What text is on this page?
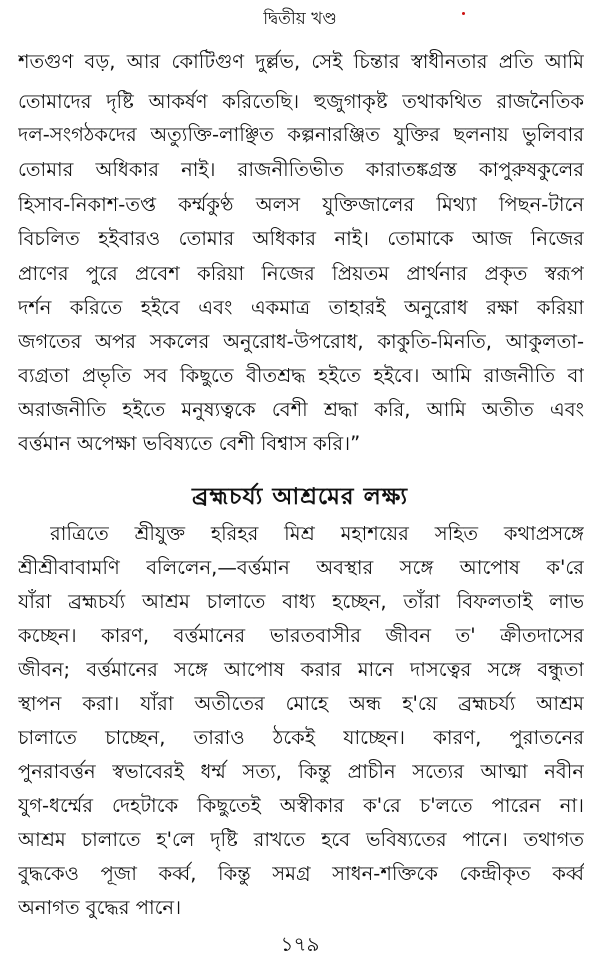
দ্বিতীয় খণ্ড
শতগুণ বড়, আর কোটিগুণ দুর্ল্লভ, সেই চিন্তার স্বাধীনতার প্রতি আমি
তোমাদের দৃষ্টি আকর্ষণ করিতেছি। হুজুগাকৃষ্ট তথাকথিত রাজনৈতিক
দল-সংগঠকদের অত্যুক্তি-লাঞ্ছিত কল্পনারঞ্জিত যুক্তির ছলনায় ভুলিবার
তোমার অধিকার নাই। রাজনীতিভীত কারাতঙ্কগ্রস্ত কাপুরুষকুলের
হিসাব-নিকাশ-তপ্ত কর্ম্মকুণ্ঠ অলস যুক্তিজালের মিথ্যা পিছন-টানে
বিচলিত হইবারও তোমার অধিকার নাই। তোমাকে আজ নিজের
প্রাণের পুরে প্রবেশ করিয়া নিজের প্রিয়তম প্রার্থনার প্রকৃত স্বরূপ
দর্শন করিতে হইবে এবং একমাত্র তাহারই অনুরোধ রক্ষা করিয়া
জগতের অপর সকলের অনুরোধ-উপরোধ, কাকুতি-মিনতি, আকুলতা-
ব্যগ্রতা প্রভৃতি সব কিছুতে বীতশ্রদ্ধ হইতে হইবে। আমি রাজনীতি বা
অরাজনীতি হইতে মনুষ্যত্বকে বেশী শ্রদ্ধা করি, আমি অতীত এবং
বর্ত্তমান অপেক্ষা ভবিষ্যতে বেশী বিশ্বাস করি।”
ব্রহ্মচর্য্য আশ্রমের লক্ষ্য
রাত্রিতে শ্রীযুক্ত হরিহর মিশ্র মহাশয়ের সহিত কথাপ্রসঙ্গে
শ্রীশ্রীবাবামণি বলিলেন,—বর্ত্তমান অবস্থার সঙ্গে আপোষ ক'রে
যাঁরা ব্রহ্মচর্য্য আশ্রম চালাতে বাধ্য হচ্ছেন, তাঁরা বিফলতাই লাভ
কচ্ছেন। কারণ, বর্ত্তমানের ভারতবাসীর জীবন ত' ক্রীতদাসের
জীবন; বর্ত্তমানের সঙ্গে আপোষ করার মানে দাসত্বের সঙ্গে বন্ধুতা
স্থাপন করা। যাঁরা অতীতের মোহে অন্ধ হ'য়ে ব্রহ্মচর্য্য আশ্রম
চালাতে চাচ্ছেন, তারাও ঠকেই যাচ্ছেন। কারণ, পুরাতনের
পুনরাবর্ত্তন স্বভাবেরই ধর্ম্ম সত্য, কিন্তু প্রাচীন সত্যের আত্মা নবীন
যুগ-ধর্ম্মের দেহটাকে কিছুতেই অস্বীকার ক'রে চ'লতে পারেন না।
আশ্রম চালাতে হ'লে দৃষ্টি রাখতে হবে ভবিষ্যতের পানে। তথাগত
বুদ্ধকেও পূজা কর্ব্ব, কিন্তু সমগ্র সাধন-শক্তিকে কেন্দ্রীকৃত কর্ব্ব
অনাগত বুদ্ধের পানে।
১৭৯
